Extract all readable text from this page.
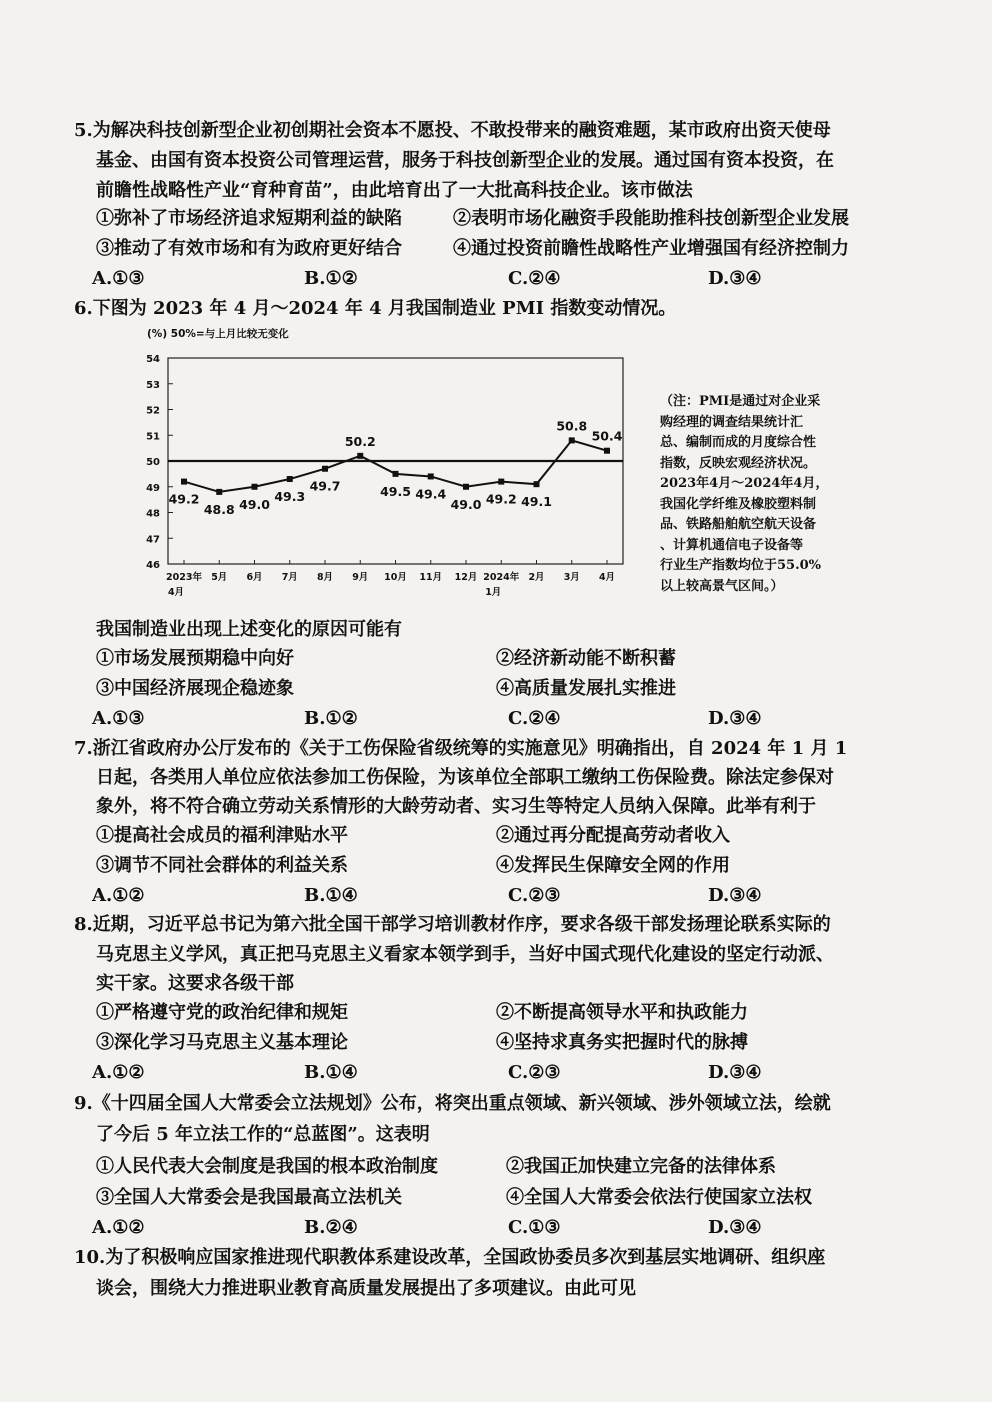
5.为解决科技创新型企业初创期社会资本不愿投、不敢投带来的融资难题，某市政府出资天使母
基金、由国有资本投资公司管理运营，服务于科技创新型企业的发展。通过国有资本投资，在
前瞻性战略性产业“育种育苗”，由此培育出了一大批高科技企业。该市做法
①弥补了市场经济追求短期利益的缺陷	②表明市场化融资手段能助推科技创新型企业发展
③推动了有效市场和有为政府更好结合	④通过投资前瞻性战略性产业增强国有经济控制力
A.①③	B.①②	C.②④	D.③④
6.下图为 2023 年 4 月～2024 年 4 月我国制造业 PMI 指数变动情况。
(%) 50%=与上月比较无变化
46
47
48
49
50
51
52
53
54
2023年
4月
5月 6月 7月 8月 9月 10月 11月 12月 2024年
1月
2月 3月 4月
49.2
48.8 49.0
49.3
49.7
50.2
49.5 49.4
49.0 49.2 49.1
50.8
50.4
（注：PMI是通过对企业采
购经理的调查结果统计汇
总、编制而成的月度综合性
指数，反映宏观经济状况。
2023年4月～2024年4月，
我国化学纤维及橡胶塑料制
品、铁路船舶航空航天设备
、计算机通信电子设备等
行业生产指数均位于55.0%
以上较高景气区间。）
我国制造业出现上述变化的原因可能有
①市场发展预期稳中向好	②经济新动能不断积蓄
③中国经济展现企稳迹象	④高质量发展扎实推进
A.①③	B.①②	C.②④	D.③④
7.浙江省政府办公厅发布的《关于工伤保险省级统筹的实施意见》明确指出，自 2024 年 1 月 1
日起，各类用人单位应依法参加工伤保险，为该单位全部职工缴纳工伤保险费。除法定参保对
象外，将不符合确立劳动关系情形的大龄劳动者、实习生等特定人员纳入保障。此举有利于
①提高社会成员的福利津贴水平	②通过再分配提高劳动者收入
③调节不同社会群体的利益关系	④发挥民生保障安全网的作用
A.①②	B.①④	C.②③	D.③④
8.近期，习近平总书记为第六批全国干部学习培训教材作序，要求各级干部发扬理论联系实际的
马克思主义学风，真正把马克思主义看家本领学到手，当好中国式现代化建设的坚定行动派、
实干家。这要求各级干部
①严格遵守党的政治纪律和规矩	②不断提高领导水平和执政能力
③深化学习马克思主义基本理论	④坚持求真务实把握时代的脉搏
A.①②	B.①④	C.②③	D.③④
9.《十四届全国人大常委会立法规划》公布，将突出重点领域、新兴领域、涉外领域立法，绘就
了今后 5 年立法工作的“总蓝图”。这表明
①人民代表大会制度是我国的根本政治制度	②我国正加快建立完备的法律体系
③全国人大常委会是我国最高立法机关	④全国人大常委会依法行使国家立法权
A.①②	B.②④	C.①③	D.③④
10.为了积极响应国家推进现代职教体系建设改革，全国政协委员多次到基层实地调研、组织座
谈会，围绕大力推进职业教育高质量发展提出了多项建议。由此可见
